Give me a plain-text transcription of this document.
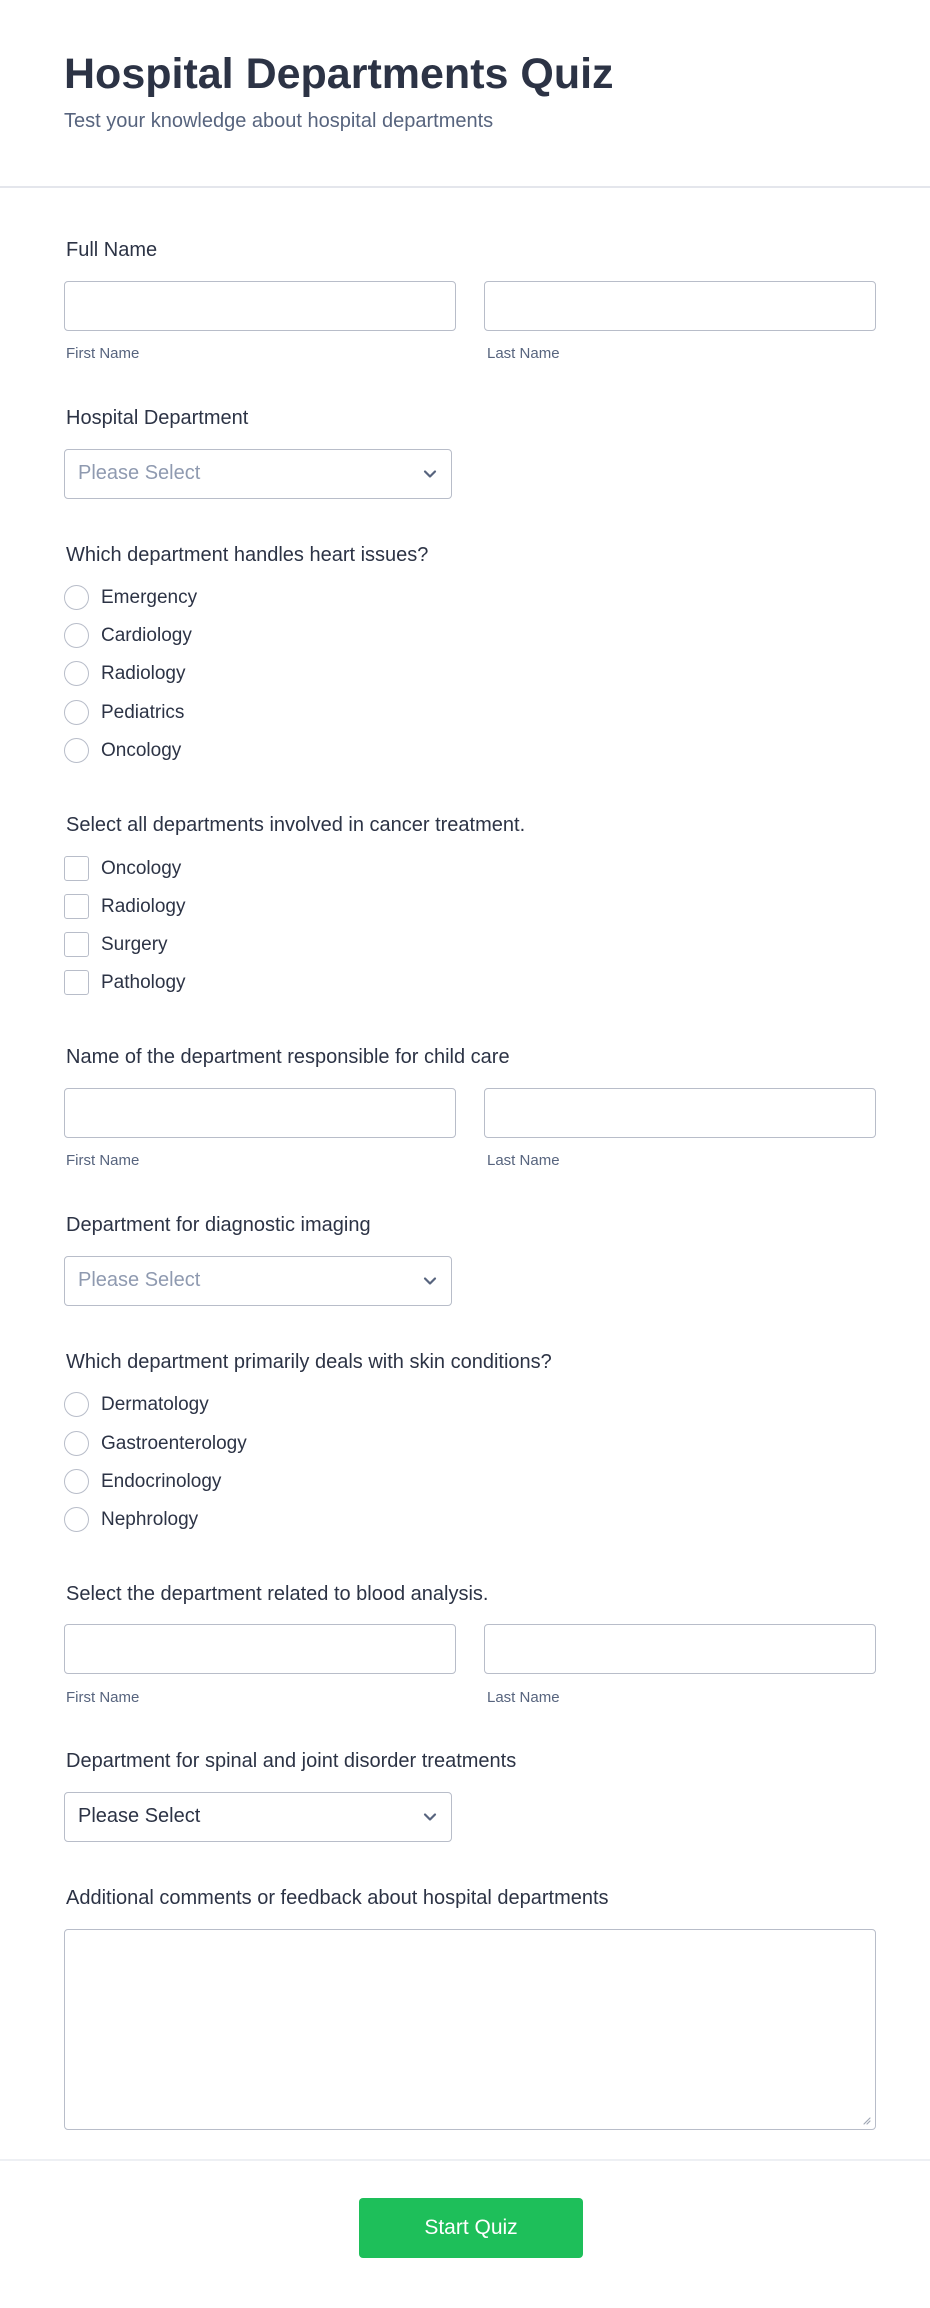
Hospital Departments Quiz
Test your knowledge about hospital departments
Full Name
First Name	Last Name
Hospital Department
Please Select
Which department handles heart issues?
Emergency
Cardiology
Radiology
Pediatrics
Oncology
Select all departments involved in cancer treatment.
Oncology
Radiology
Surgery
Pathology
Name of the department responsible for child care
First Name	Last Name
Department for diagnostic imaging
Please Select
Which department primarily deals with skin conditions?
Dermatology
Gastroenterology
Endocrinology
Nephrology
Select the department related to blood analysis.
First Name	Last Name
Department for spinal and joint disorder treatments
Please Select
Additional comments or feedback about hospital departments
Start Quiz
